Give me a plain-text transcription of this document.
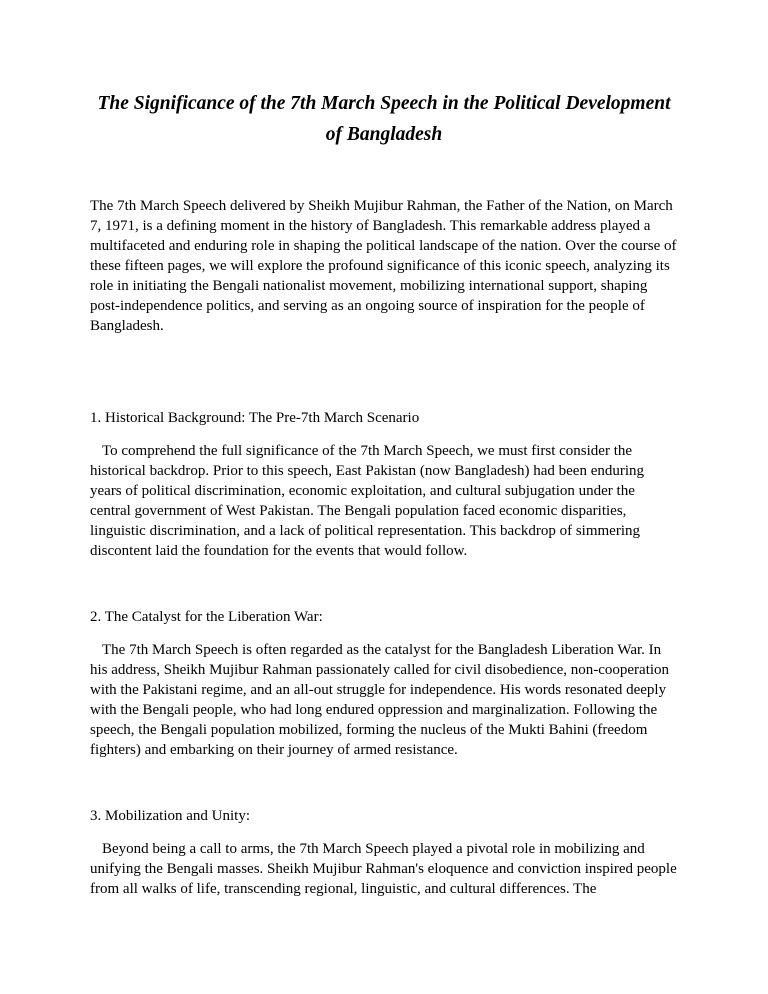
The Significance of the 7th March Speech in the Political Development of Bangladesh

The 7th March Speech delivered by Sheikh Mujibur Rahman, the Father of the Nation, on March 7, 1971, is a defining moment in the history of Bangladesh. This remarkable address played a multifaceted and enduring role in shaping the political landscape of the nation. Over the course of these fifteen pages, we will explore the profound significance of this iconic speech, analyzing its role in initiating the Bengali nationalist movement, mobilizing international support, shaping post-independence politics, and serving as an ongoing source of inspiration for the people of Bangladesh.

1. Historical Background: The Pre-7th March Scenario

To comprehend the full significance of the 7th March Speech, we must first consider the historical backdrop. Prior to this speech, East Pakistan (now Bangladesh) had been enduring years of political discrimination, economic exploitation, and cultural subjugation under the central government of West Pakistan. The Bengali population faced economic disparities, linguistic discrimination, and a lack of political representation. This backdrop of simmering discontent laid the foundation for the events that would follow.

2. The Catalyst for the Liberation War:

The 7th March Speech is often regarded as the catalyst for the Bangladesh Liberation War. In his address, Sheikh Mujibur Rahman passionately called for civil disobedience, non-cooperation with the Pakistani regime, and an all-out struggle for independence. His words resonated deeply with the Bengali people, who had long endured oppression and marginalization. Following the speech, the Bengali population mobilized, forming the nucleus of the Mukti Bahini (freedom fighters) and embarking on their journey of armed resistance.

3. Mobilization and Unity:

Beyond being a call to arms, the 7th March Speech played a pivotal role in mobilizing and unifying the Bengali masses. Sheikh Mujibur Rahman's eloquence and conviction inspired people from all walks of life, transcending regional, linguistic, and cultural differences. The
